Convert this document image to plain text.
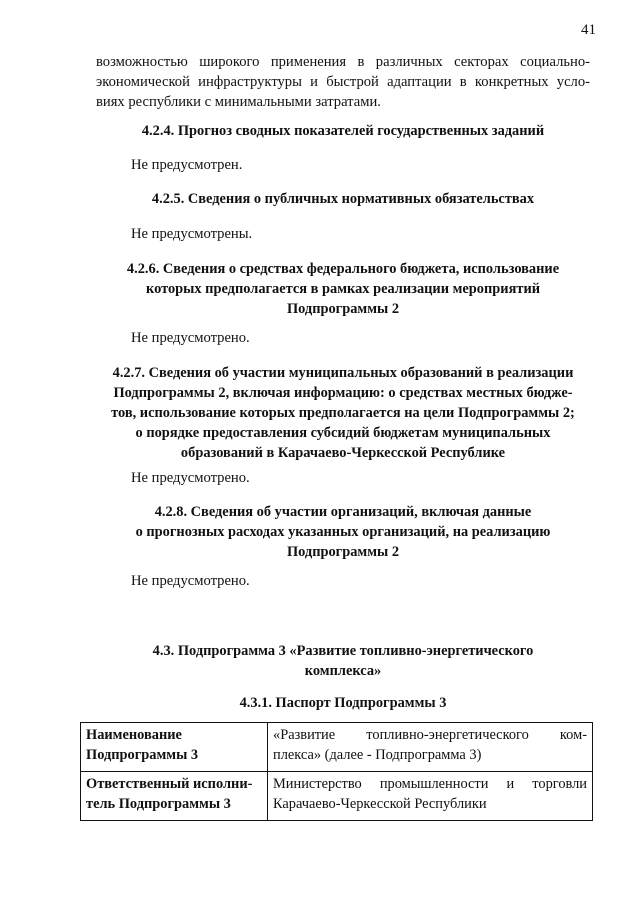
41
возможностью широкого применения в различных секторах социально-
экономической инфраструктуры и быстрой адаптации в конкретных усло-
виях республики с минимальными затратами.
4.2.4. Прогноз сводных показателей государственных заданий
Не предусмотрен.
4.2.5. Сведения о публичных нормативных обязательствах
Не предусмотрены.
4.2.6. Сведения о средствах федерального бюджета, использование
которых предполагается в рамках реализации мероприятий
Подпрограммы 2
Не предусмотрено.
4.2.7. Сведения об участии муниципальных образований в реализации
Подпрограммы 2, включая информацию: о средствах местных бюдже-
тов, использование которых предполагается на цели Подпрограммы 2;
о порядке предоставления субсидий бюджетам муниципальных
образований в Карачаево-Черкесской Республике
Не предусмотрено.
4.2.8. Сведения об участии организаций, включая данные
о прогнозных расходах указанных организаций, на реализацию
Подпрограммы 2
Не предусмотрено.
4.3. Подпрограмма 3 «Развитие топливно-энергетического
комплекса»
4.3.1. Паспорт Подпрограммы 3
Наименование
Подпрограммы 3	«Развитие топливно-энергетического ком-
плекса» (далее - Подпрограмма 3)

Ответственный исполни-
тель Подпрограммы 3	Министерство промышленности и торговли
Карачаево-Черкесской Республики
